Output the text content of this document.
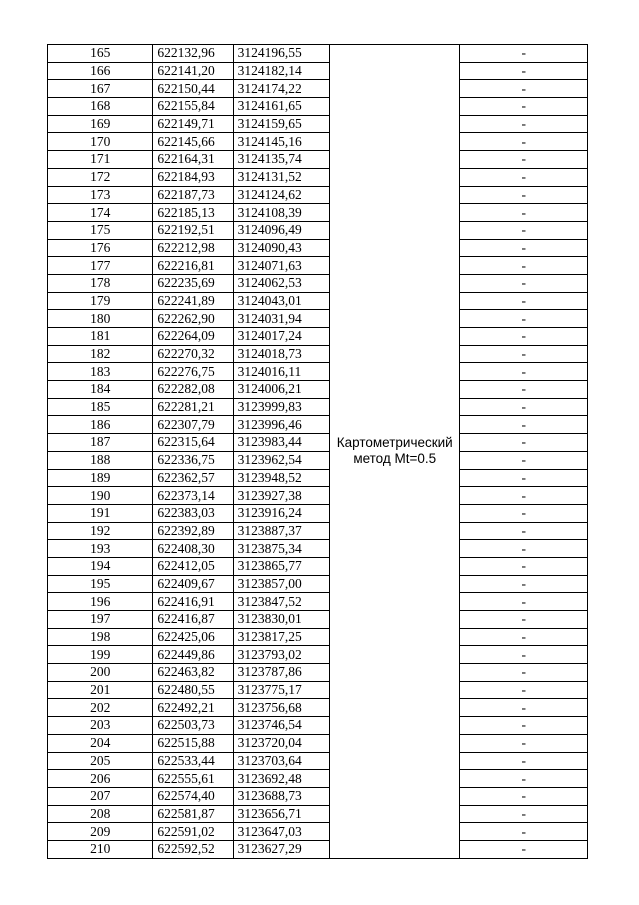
165	622132,96	3124196,55	Картометрический
метод Mt=0.5	-
166	622141,20	3124182,14		-
167	622150,44	3124174,22		-
168	622155,84	3124161,65		-
169	622149,71	3124159,65		-
170	622145,66	3124145,16		-
171	622164,31	3124135,74		-
172	622184,93	3124131,52		-
173	622187,73	3124124,62		-
174	622185,13	3124108,39		-
175	622192,51	3124096,49		-
176	622212,98	3124090,43		-
177	622216,81	3124071,63		-
178	622235,69	3124062,53		-
179	622241,89	3124043,01		-
180	622262,90	3124031,94		-
181	622264,09	3124017,24		-
182	622270,32	3124018,73		-
183	622276,75	3124016,11		-
184	622282,08	3124006,21		-
185	622281,21	3123999,83		-
186	622307,79	3123996,46		-
187	622315,64	3123983,44		-
188	622336,75	3123962,54		-
189	622362,57	3123948,52		-
190	622373,14	3123927,38		-
191	622383,03	3123916,24		-
192	622392,89	3123887,37		-
193	622408,30	3123875,34		-
194	622412,05	3123865,77		-
195	622409,67	3123857,00		-
196	622416,91	3123847,52		-
197	622416,87	3123830,01		-
198	622425,06	3123817,25		-
199	622449,86	3123793,02		-
200	622463,82	3123787,86		-
201	622480,55	3123775,17		-
202	622492,21	3123756,68		-
203	622503,73	3123746,54		-
204	622515,88	3123720,04		-
205	622533,44	3123703,64		-
206	622555,61	3123692,48		-
207	622574,40	3123688,73		-
208	622581,87	3123656,71		-
209	622591,02	3123647,03		-
210	622592,52	3123627,29		-
